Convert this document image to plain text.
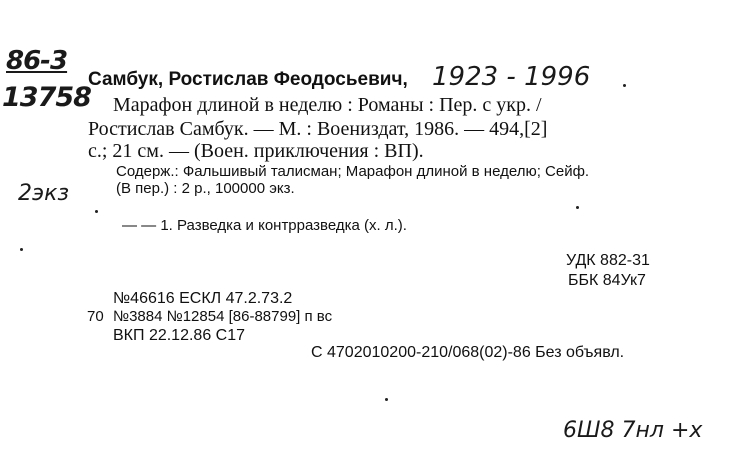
86-3
13758
Самбук, Ростислав Феодосьевич, 1923 - 1996
Марафон длиной в неделю : Романы : Пер. с укр. /
Ростислав Самбук. — М. : Воениздат, 1986. — 494,[2]
с.; 21 см. — (Воен. приключения : ВП).
Содерж.: Фальшивый талисман; Марафон длиной в неделю; Сейф.
(В пер.) : 2 р., 100000 экз.
2экз
— — 1. Разведка и контрразведка (х. л.).
УДК 882-31
ББК 84Ук7
№46616 ЕСКЛ 47.2.73.2
70 №3884 №12854 [86-88799] п вс
ВКП 22.12.86 С17
С 4702010200-210/068(02)-86 Без объявл.
6Ш8 7нл +х
